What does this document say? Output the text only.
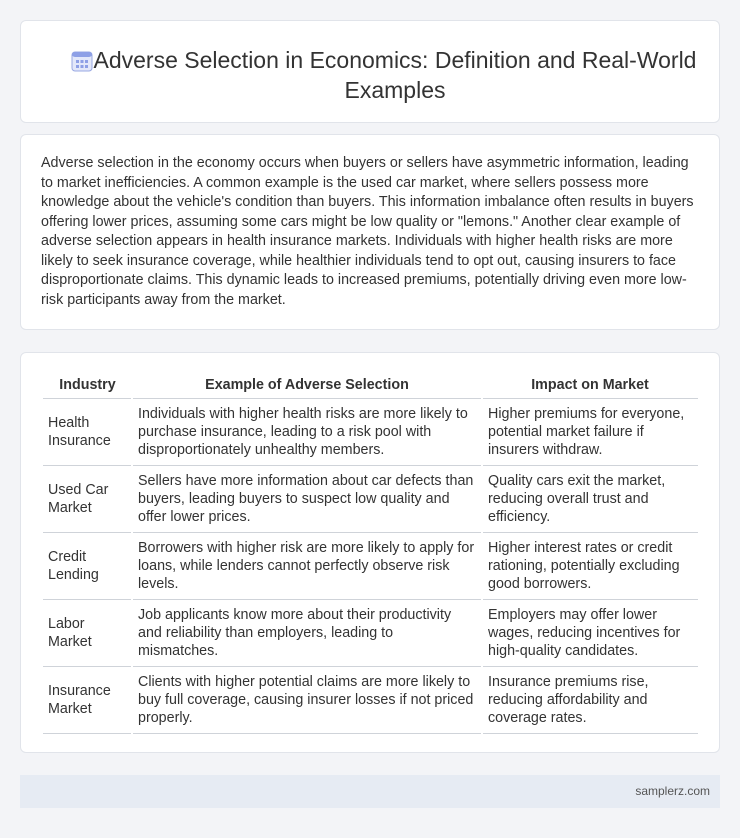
Adverse Selection in Economics: Definition and Real-World Examples

Adverse selection in the economy occurs when buyers or sellers have asymmetric information, leading to market inefficiencies. A common example is the used car market, where sellers possess more knowledge about the vehicle's condition than buyers. This information imbalance often results in buyers offering lower prices, assuming some cars might be low quality or "lemons." Another clear example of adverse selection appears in health insurance markets. Individuals with higher health risks are more likely to seek insurance coverage, while healthier individuals tend to opt out, causing insurers to face disproportionate claims. This dynamic leads to increased premiums, potentially driving even more low-risk participants away from the market.

Industry	Example of Adverse Selection	Impact on Market
Health Insurance	Individuals with higher health risks are more likely to purchase insurance, leading to a risk pool with disproportionately unhealthy members.	Higher premiums for everyone, potential market failure if insurers withdraw.
Used Car Market	Sellers have more information about car defects than buyers, leading buyers to suspect low quality and offer lower prices.	Quality cars exit the market, reducing overall trust and efficiency.
Credit Lending	Borrowers with higher risk are more likely to apply for loans, while lenders cannot perfectly observe risk levels.	Higher interest rates or credit rationing, potentially excluding good borrowers.
Labor Market	Job applicants know more about their productivity and reliability than employers, leading to mismatches.	Employers may offer lower wages, reducing incentives for high-quality candidates.
Insurance Market	Clients with higher potential claims are more likely to buy full coverage, causing insurer losses if not priced properly.	Insurance premiums rise, reducing affordability and coverage rates.
samplerz.com
